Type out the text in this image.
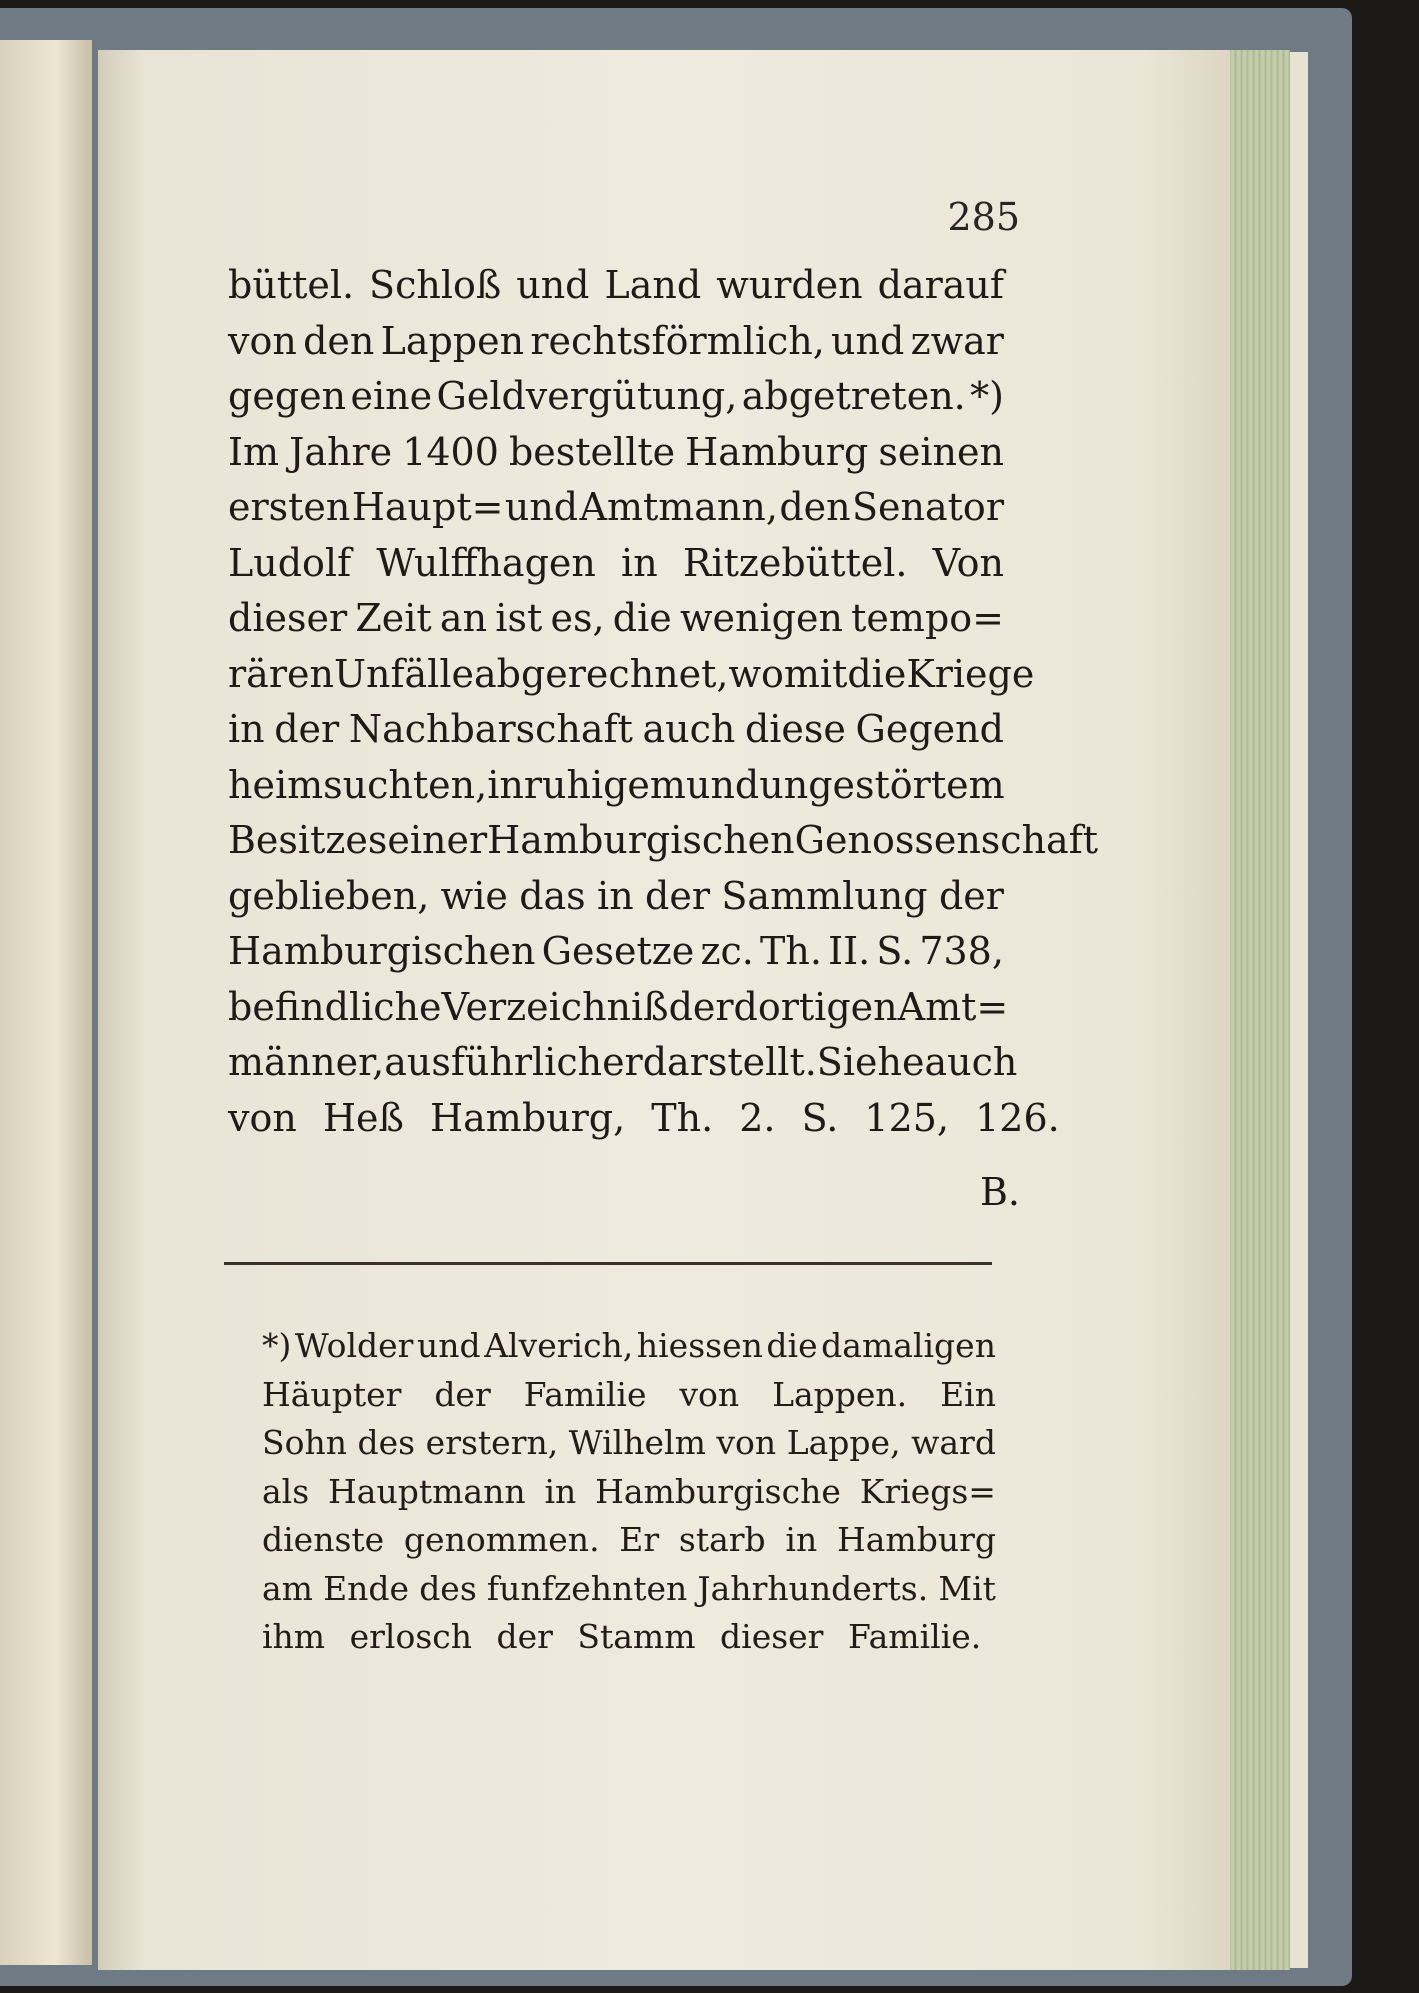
285
büttel. Schloß und Land wurden darauf
von den Lappen rechtsförmlich, und zwar
gegen eine Geldvergütung, abgetreten. *)
Im Jahre 1400 bestellte Hamburg seinen
ersten Haupt= und Amtmann, den Senator
Ludolf Wulffhagen in Ritzebüttel. Von
dieser Zeit an ist es, die wenigen tempo=
rären Unfälle abgerechnet, womit die Kriege
in der Nachbarschaft auch diese Gegend
heimsuchten, in ruhigem und ungestörtem
Besitze seiner Hamburgischen Genossenschaft
geblieben, wie das in der Sammlung der
Hamburgischen Gesetze zc. Th. II. S. 738,
befindliche Verzeichniß der dortigen Amt=
männer, ausführlicher darstellt. Siehe auch
von Heß Hamburg, Th. 2. S. 125, 126.
B.
*) Wolder und Alverich, hiessen die damaligen
Häupter der Familie von Lappen. Ein
Sohn des erstern, Wilhelm von Lappe, ward
als Hauptmann in Hamburgische Kriegs=
dienste genommen. Er starb in Hamburg
am Ende des funfzehnten Jahrhunderts. Mit
ihm erlosch der Stamm dieser Familie.
